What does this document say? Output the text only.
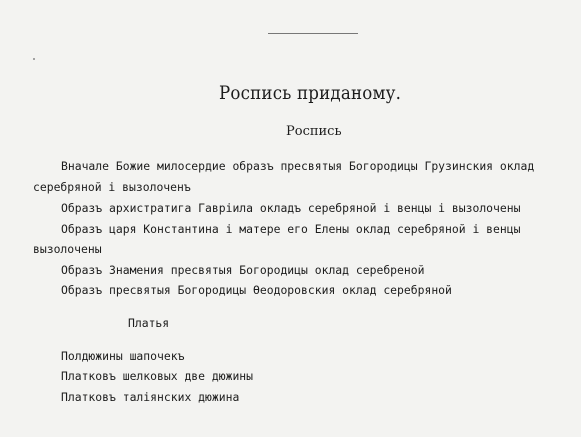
Роспись приданому.
Роспись
Вначале Божие милосердие образъ пресвятыя Богородицы Грузинския оклад
серебряной і вызолоченъ
Образъ архистратига Гавріила окладъ серебряной і венцы і вызолочены
Образъ царя Константина і матере его Елены оклад серебряной і венцы
вызолочены
Образъ Знамения пресвятыя Богородицы оклад серебреной
Образъ пресвятыя Богородицы Өеодоровския оклад серебряной
Платья
Полдюжины шапочекъ
Платковъ шелковых две дюжины
Платковъ таліянских дюжина
